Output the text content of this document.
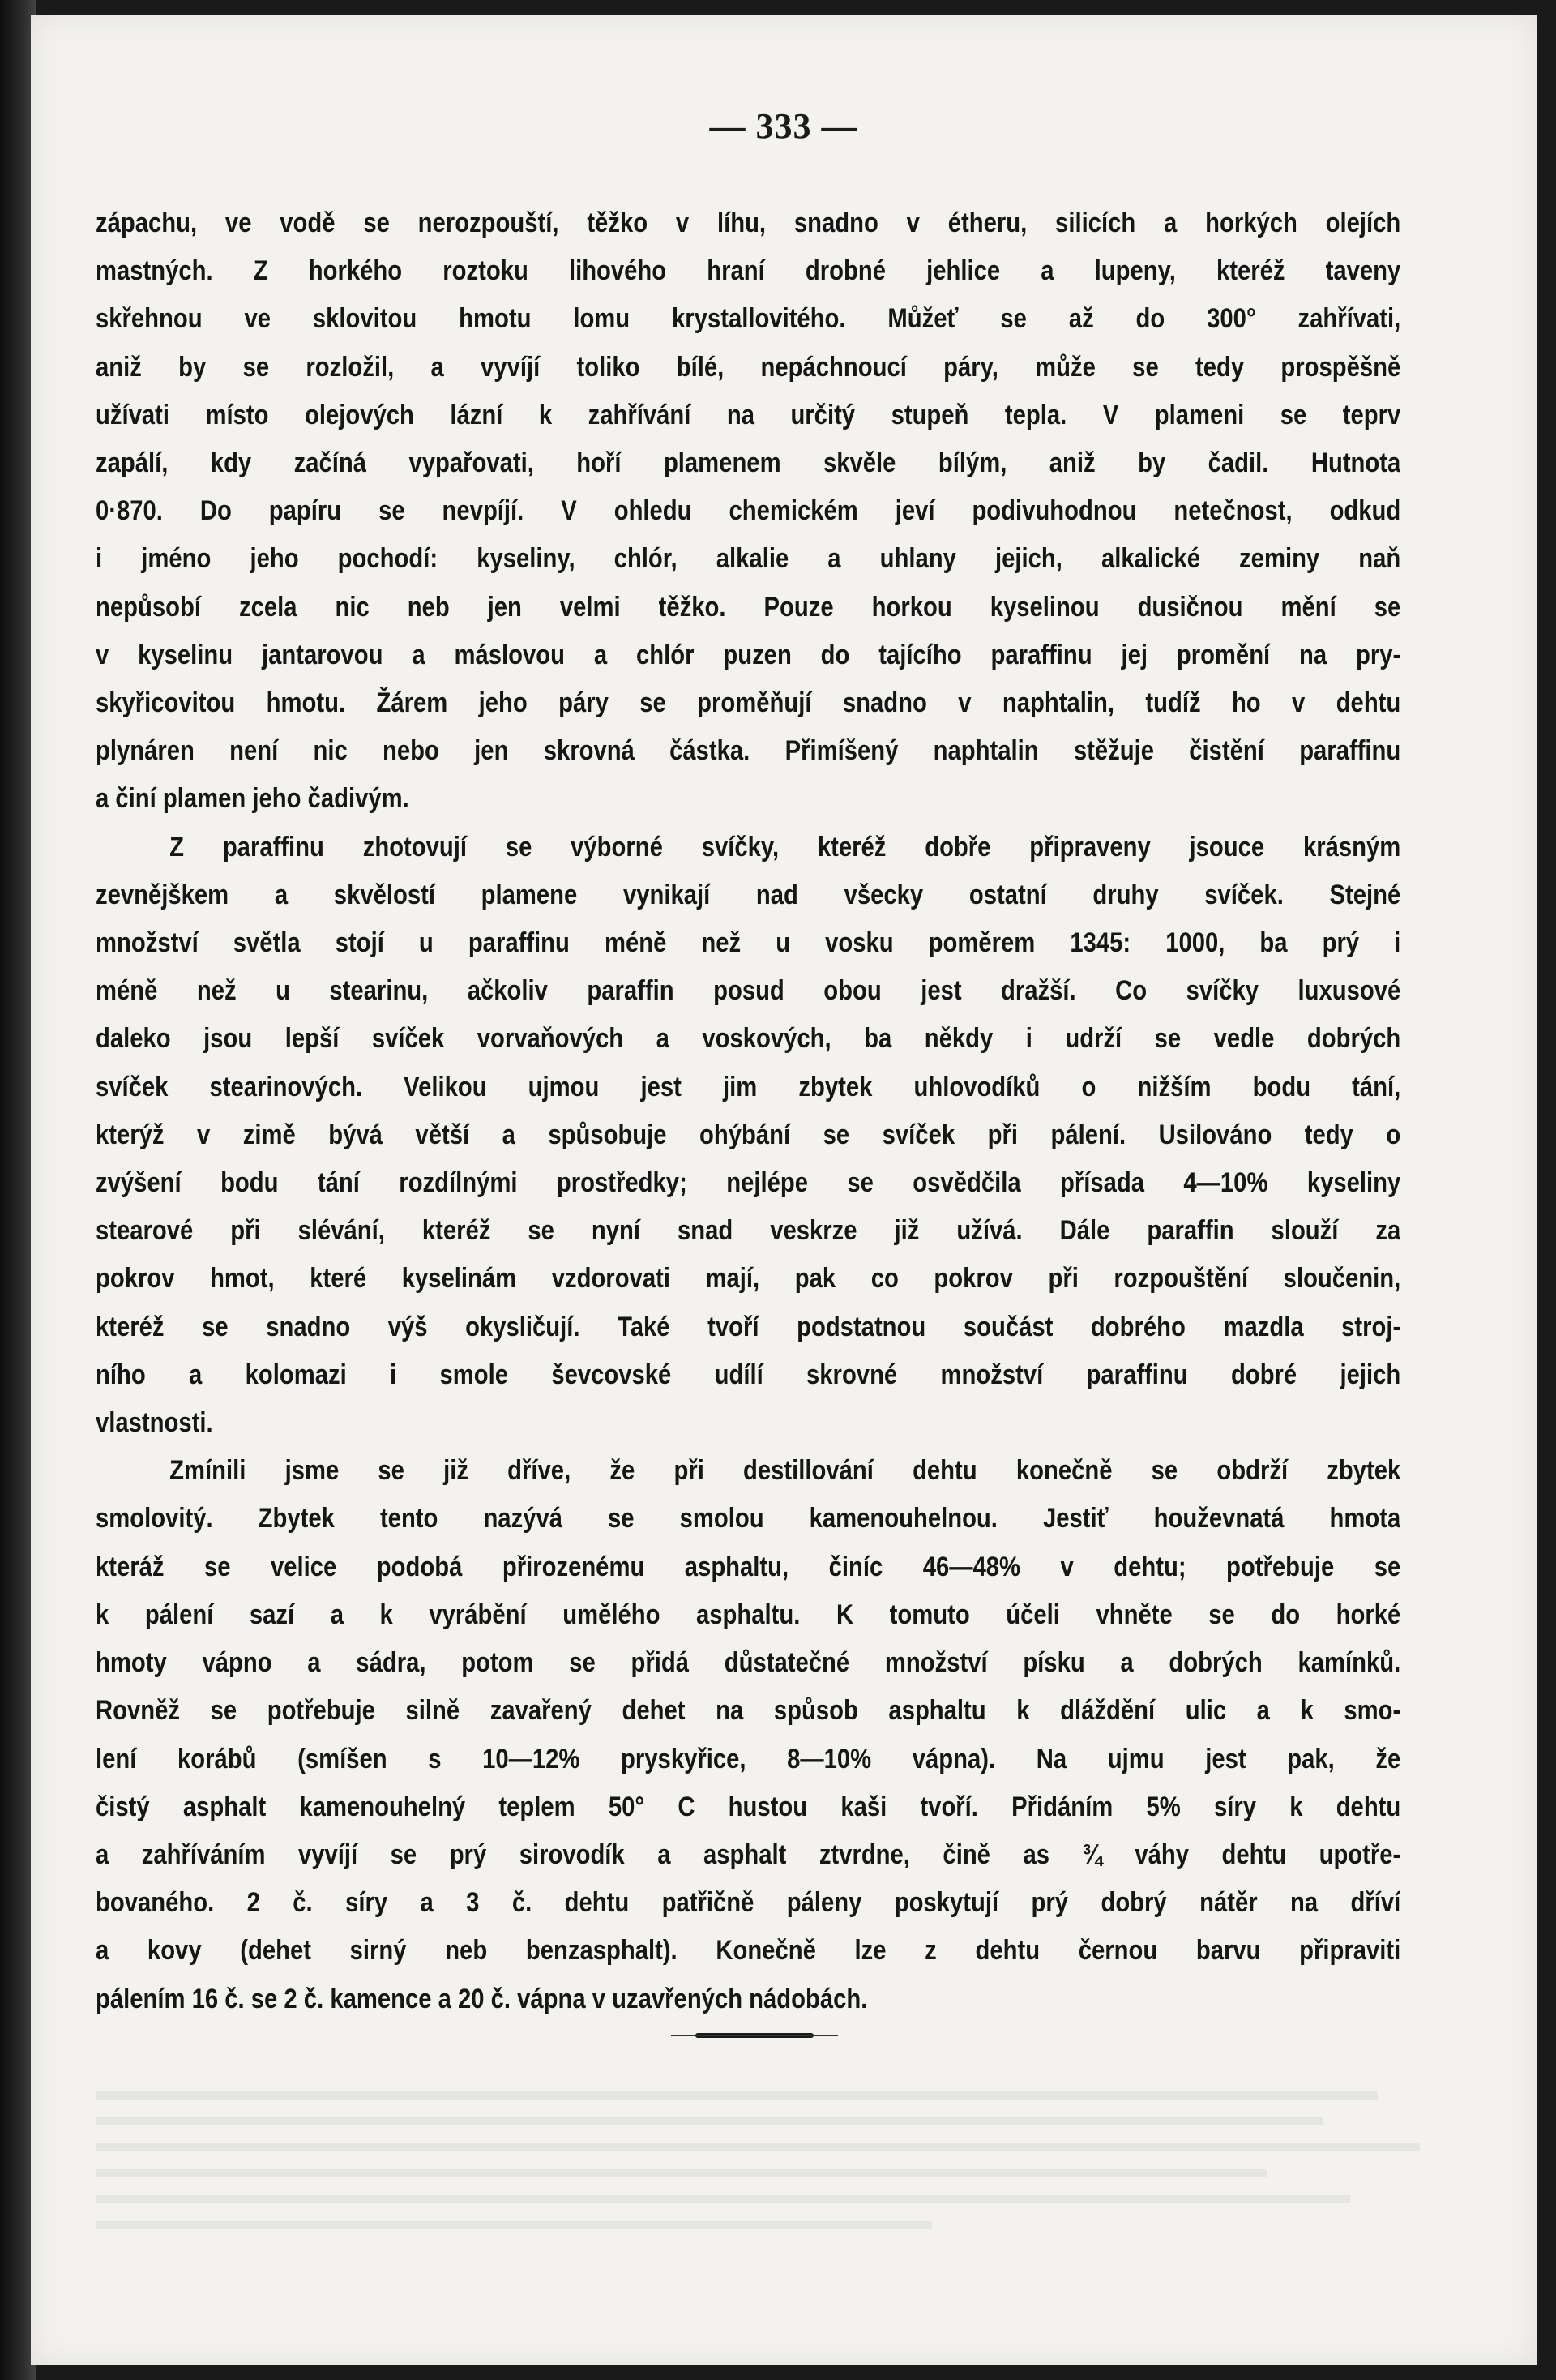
— 333 —

zápachu, ve vodě se nerozpouští, těžko v líhu, snadno v étheru, silicích a horkých olejích
mastných. Z horkého roztoku lihového hraní drobné jehlice a lupeny, kteréž taveny
skřehnou ve sklovitou hmotu lomu krystallovitého. Můžeť se až do 300° zahřívati,
aniž by se rozložil, a vyvíjí toliko bílé, nepáchnoucí páry, může se tedy prospěšně
užívati místo olejových lázní k zahřívání na určitý stupeň tepla. V plameni se teprv
zapálí, kdy začíná vypařovati, hoří plamenem skvěle bílým, aniž by čadil. Hutnota
0·870. Do papíru se nevpíjí. V ohledu chemickém jeví podivuhodnou netečnost, odkud
i jméno jeho pochodí: kyseliny, chlór, alkalie a uhlany jejich, alkalické zeminy naň
nepůsobí zcela nic neb jen velmi těžko. Pouze horkou kyselinou dusičnou mění se
v kyselinu jantarovou a máslovou a chlór puzen do tajícího paraffinu jej promění na pry-
skyřicovitou hmotu. Žárem jeho páry se proměňují snadno v naphtalin, tudíž ho v dehtu
plynáren není nic nebo jen skrovná částka. Přimíšený naphtalin stěžuje čistění paraffinu
a činí plamen jeho čadivým.

Z paraffinu zhotovují se výborné svíčky, kteréž dobře připraveny jsouce krásným
zevnějškem a skvělostí plamene vynikají nad všecky ostatní druhy svíček. Stejné
množství světla stojí u paraffinu méně než u vosku poměrem 1345: 1000, ba prý i
méně než u stearinu, ačkoliv paraffin posud obou jest dražší. Co svíčky luxusové
daleko jsou lepší svíček vorvaňových a voskových, ba někdy i udrží se vedle dobrých
svíček stearinových. Velikou ujmou jest jim zbytek uhlovodíků o nižším bodu tání,
kterýž v zimě bývá větší a spůsobuje ohýbání se svíček při pálení. Usilováno tedy o
zvýšení bodu tání rozdílnými prostředky; nejlépe se osvědčila přísada 4—10% kyseliny
stearové při slévání, kteréž se nyní snad veskrze již užívá. Dále paraffin slouží za
pokrov hmot, které kyselinám vzdorovati mají, pak co pokrov při rozpouštění sloučenin,
kteréž se snadno výš okysličují. Také tvoří podstatnou součást dobrého mazdla stroj-
ního a kolomazi i smole ševcovské udílí skrovné množství paraffinu dobré jejich
vlastnosti.

Zmínili jsme se již dříve, že při destillování dehtu konečně se obdrží zbytek
smolovitý. Zbytek tento nazývá se smolou kamenouhelnou. Jestiť houževnatá hmota
kteráž se velice podobá přirozenému asphaltu, činíc 46—48% v dehtu; potřebuje se
k pálení sazí a k vyrábění umělého asphaltu. K tomuto účeli vhněte se do horké
hmoty vápno a sádra, potom se přidá důstatečné množství písku a dobrých kamínků.
Rovněž se potřebuje silně zavařený dehet na spůsob asphaltu k dláždění ulic a k smo-
lení korábů (smíšen s 10—12% pryskyřice, 8—10% vápna). Na ujmu jest pak, že
čistý asphalt kamenouhelný teplem 50° C hustou kaši tvoří. Přidáním 5% síry k dehtu
a zahříváním vyvíjí se prý sirovodík a asphalt ztvrdne, čině as ¾ váhy dehtu upotře-
bovaného. 2 č. síry a 3 č. dehtu patřičně páleny poskytují prý dobrý nátěr na dříví
a kovy (dehet sirný neb benzasphalt). Konečně lze z dehtu černou barvu připraviti
pálením 16 č. se 2 č. kamence a 20 č. vápna v uzavřených nádobách.
